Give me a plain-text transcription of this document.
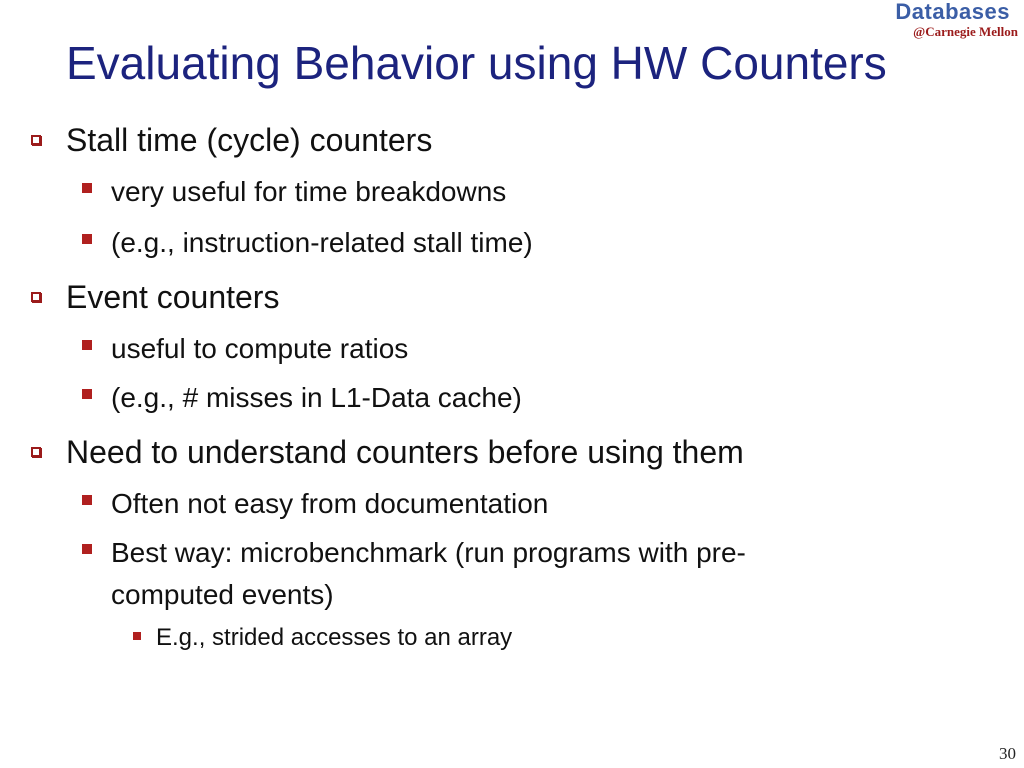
Databases
@Carnegie Mellon
Evaluating Behavior using HW Counters
Stall time (cycle) counters
very useful for time breakdowns
(e.g., instruction-related stall time)
Event counters
useful to compute ratios
(e.g., # misses in L1-Data cache)
Need to understand counters before using them
Often not easy from documentation
Best way: microbenchmark (run programs with pre-
computed events)
E.g., strided accesses to an array
30
